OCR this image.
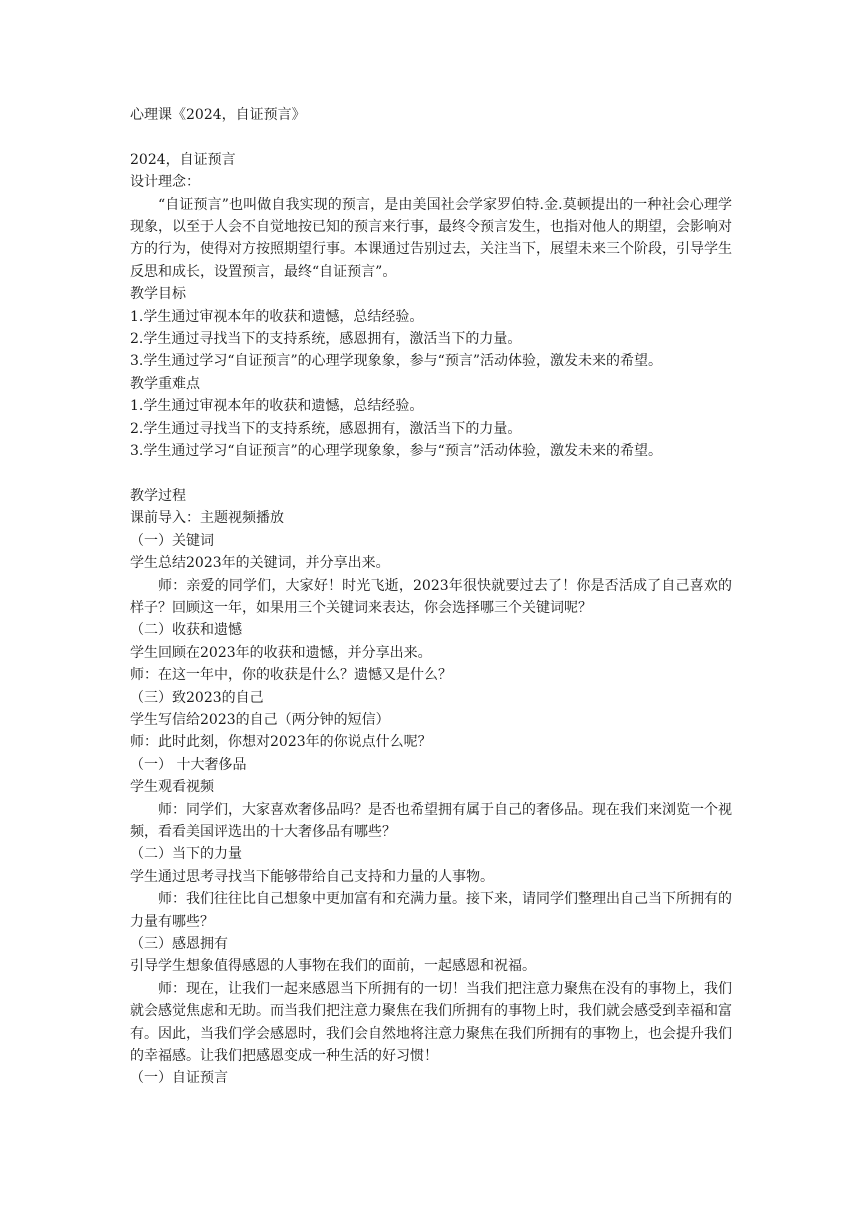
心理课《2024，自证预言》
2024，自证预言
设计理念：
“自证预言”也叫做自我实现的预言，是由美国社会学家罗伯特.金.莫顿提出的一种社会心理学现象，以至于人会不自觉地按已知的预言来行事，最终令预言发生，也指对他人的期望，会影响对方的行为，使得对方按照期望行事。本课通过告别过去，关注当下，展望未来三个阶段，引导学生反思和成长，设置预言，最终“自证预言”。
教学目标
1.学生通过审视本年的收获和遗憾，总结经验。
2.学生通过寻找当下的支持系统，感恩拥有，激活当下的力量。
3.学生通过学习“自证预言”的心理学现象象，参与“预言”活动体验，激发未来的希望。
教学重难点
1.学生通过审视本年的收获和遗憾，总结经验。
2.学生通过寻找当下的支持系统，感恩拥有，激活当下的力量。
3.学生通过学习“自证预言”的心理学现象象，参与“预言”活动体验，激发未来的希望。
教学过程
课前导入：主题视频播放
（一）关键词
学生总结2023年的关键词，并分享出来。
师：亲爱的同学们，大家好！时光飞逝，2023年很快就要过去了！你是否活成了自己喜欢的样子？回顾这一年，如果用三个关键词来表达，你会选择哪三个关键词呢？
（二）收获和遗憾
学生回顾在2023年的收获和遗憾，并分享出来。
师：在这一年中，你的收获是什么？遗憾又是什么？
（三）致2023的自己
学生写信给2023的自己（两分钟的短信）
师：此时此刻，你想对2023年的你说点什么呢？
（一） 十大奢侈品
学生观看视频
师：同学们，大家喜欢奢侈品吗？是否也希望拥有属于自己的奢侈品。现在我们来浏览一个视频，看看美国评选出的十大奢侈品有哪些？
（二）当下的力量
学生通过思考寻找当下能够带给自己支持和力量的人事物。
师：我们往往比自己想象中更加富有和充满力量。接下来，请同学们整理出自己当下所拥有的力量有哪些？
（三）感恩拥有
引导学生想象值得感恩的人事物在我们的面前，一起感恩和祝福。
师：现在，让我们一起来感恩当下所拥有的一切！当我们把注意力聚焦在没有的事物上，我们就会感觉焦虑和无助。而当我们把注意力聚焦在我们所拥有的事物上时，我们就会感受到幸福和富有。因此，当我们学会感恩时，我们会自然地将注意力聚焦在我们所拥有的事物上，也会提升我们的幸福感。让我们把感恩变成一种生活的好习惯！
（一）自证预言
